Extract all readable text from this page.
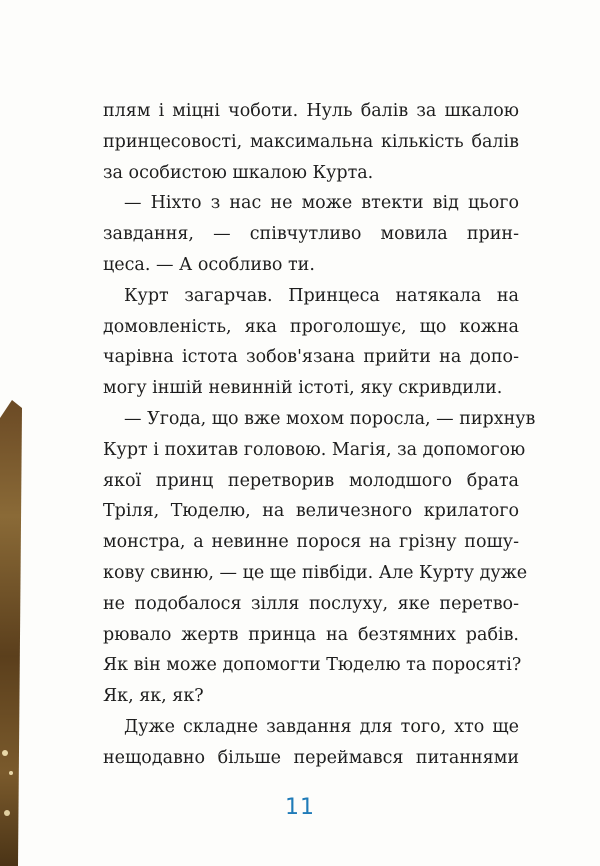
плям і міцні чоботи. Нуль балів за шкалою
принцесовості, максимальна кількість балів
за особистою шкалою Курта.
— Ніхто з нас не може втекти від цього
завдання, — співчутливо мовила прин-
цеса. — А особливо ти.
Курт загарчав. Принцеса натякала на
домовленість, яка проголошує, що кожна
чарівна істота зобов'язана прийти на допо-
могу іншій невинній істоті, яку скривдили.
— Угода, що вже мохом поросла, — пирхнув
Курт і похитав головою. Магія, за допомогою
якої принц перетворив молодшого брата
Тріля, Тюделю, на величезного крилатого
монстра, а невинне порося на грізну пошу-
кову свиню, — це ще півбіди. Але Курту дуже
не подобалося зілля послуху, яке перетво-
рювало жертв принца на безтямних рабів.
Як він може допомогти Тюделю та поросяті?
Як, як, як?
Дуже складне завдання для того, хто ще
нещодавно більше переймався питаннями
11
